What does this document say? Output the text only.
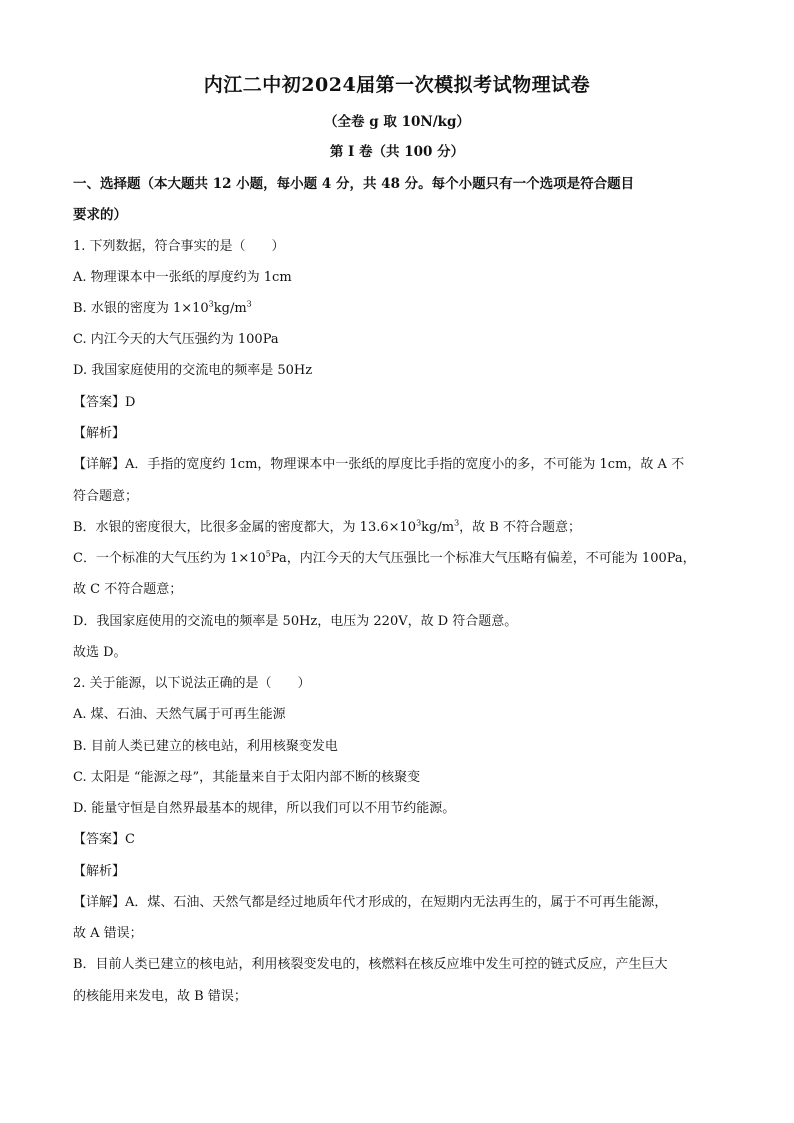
内江二中初2024届第一次模拟考试物理试卷
（全卷 g 取 10N/kg）
第 I 卷（共 100 分）
一、选择题（本大题共 12 小题，每小题 4 分，共 48 分。每个小题只有一个选项是符合题目
要求的）
1. 下列数据，符合事实的是（　　）
A. 物理课本中一张纸的厚度约为 1cm
B. 水银的密度为 $1\times 10^3kg/m^3$
C. 内江今天的大气压强约为 100Pa
D. 我国家庭使用的交流电的频率是 50Hz
【答案】D
【解析】
【详解】A．手指的宽度约 1cm，物理课本中一张纸的厚度比手指的宽度小的多，不可能为 1cm，故 A 不
符合题意；
B．水银的密度很大，比很多金属的密度都大，为 $13.6\times 10^3kg/m^3$，故 B 不符合题意；
C．一个标准的大气压约为 $1\times 10^5Pa$，内江今天的大气压强比一个标准大气压略有偏差，不可能为 100Pa，
故 C 不符合题意；
D．我国家庭使用的交流电的频率是 50Hz，电压为 220V，故 D 符合题意。
故选 D。
2. 关于能源，以下说法正确的是（　　）
A. 煤、石油、天然气属于可再生能源
B. 目前人类已建立的核电站，利用核聚变发电
C. 太阳是 “能源之母”，其能量来自于太阳内部不断的核聚变
D. 能量守恒是自然界最基本的规律，所以我们可以不用节约能源。
【答案】C
【解析】
【详解】A．煤、石油、天然气都是经过地质年代才形成的，在短期内无法再生的，属于不可再生能源，
故 A 错误；
B．目前人类已建立的核电站，利用核裂变发电的，核燃料在核反应堆中发生可控的链式反应，产生巨大
的核能用来发电，故 B 错误；
